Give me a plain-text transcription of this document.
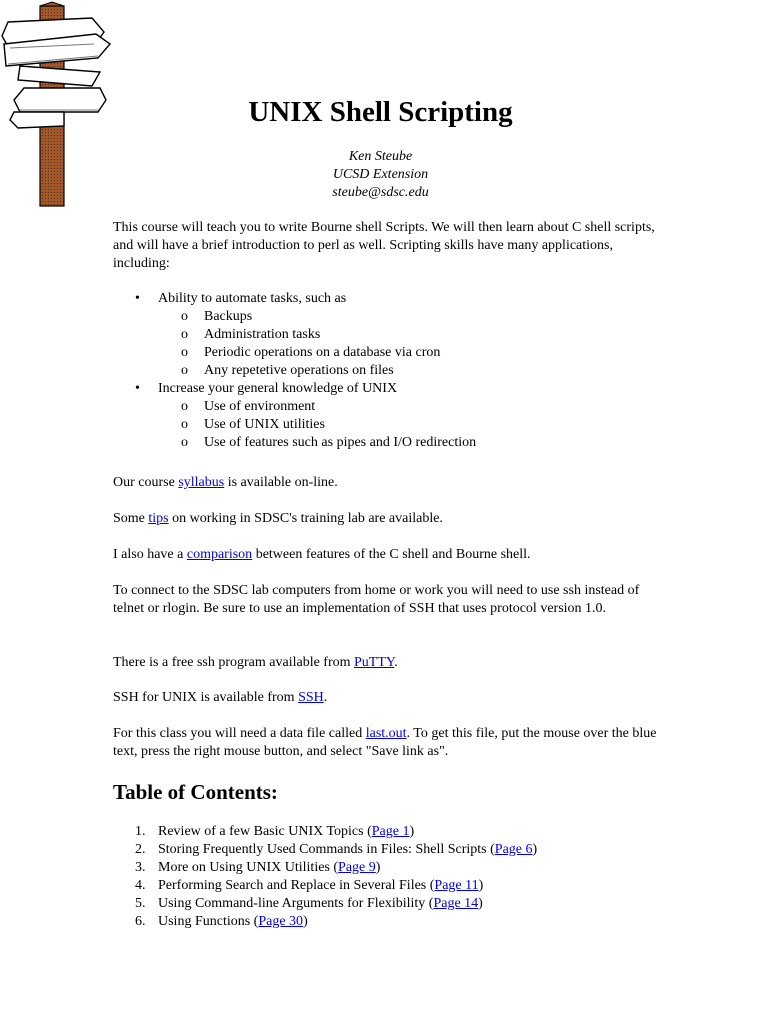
UNIX Shell Scripting
Ken Steube
UCSD Extension
steube@sdsc.edu

This course will teach you to write Bourne shell Scripts. We will then learn about C shell scripts, and will have a brief introduction to perl as well. Scripting skills have many applications, including:

• Ability to automate tasks, such as
o Backups
o Administration tasks
o Periodic operations on a database via cron
o Any repetetive operations on files
• Increase your general knowledge of UNIX
o Use of environment
o Use of UNIX utilities
o Use of features such as pipes and I/O redirection

Our course syllabus is available on-line.

Some tips on working in SDSC's training lab are available.

I also have a comparison between features of the C shell and Bourne shell.

To connect to the SDSC lab computers from home or work you will need to use ssh instead of telnet or rlogin. Be sure to use an implementation of SSH that uses protocol version 1.0.

There is a free ssh program available from PuTTY.

SSH for UNIX is available from SSH.

For this class you will need a data file called last.out. To get this file, put the mouse over the blue text, press the right mouse button, and select "Save link as".

Table of Contents:
1. Review of a few Basic UNIX Topics (Page 1)
2. Storing Frequently Used Commands in Files: Shell Scripts (Page 6)
3. More on Using UNIX Utilities (Page 9)
4. Performing Search and Replace in Several Files (Page 11)
5. Using Command-line Arguments for Flexibility (Page 14)
6. Using Functions (Page 30)
